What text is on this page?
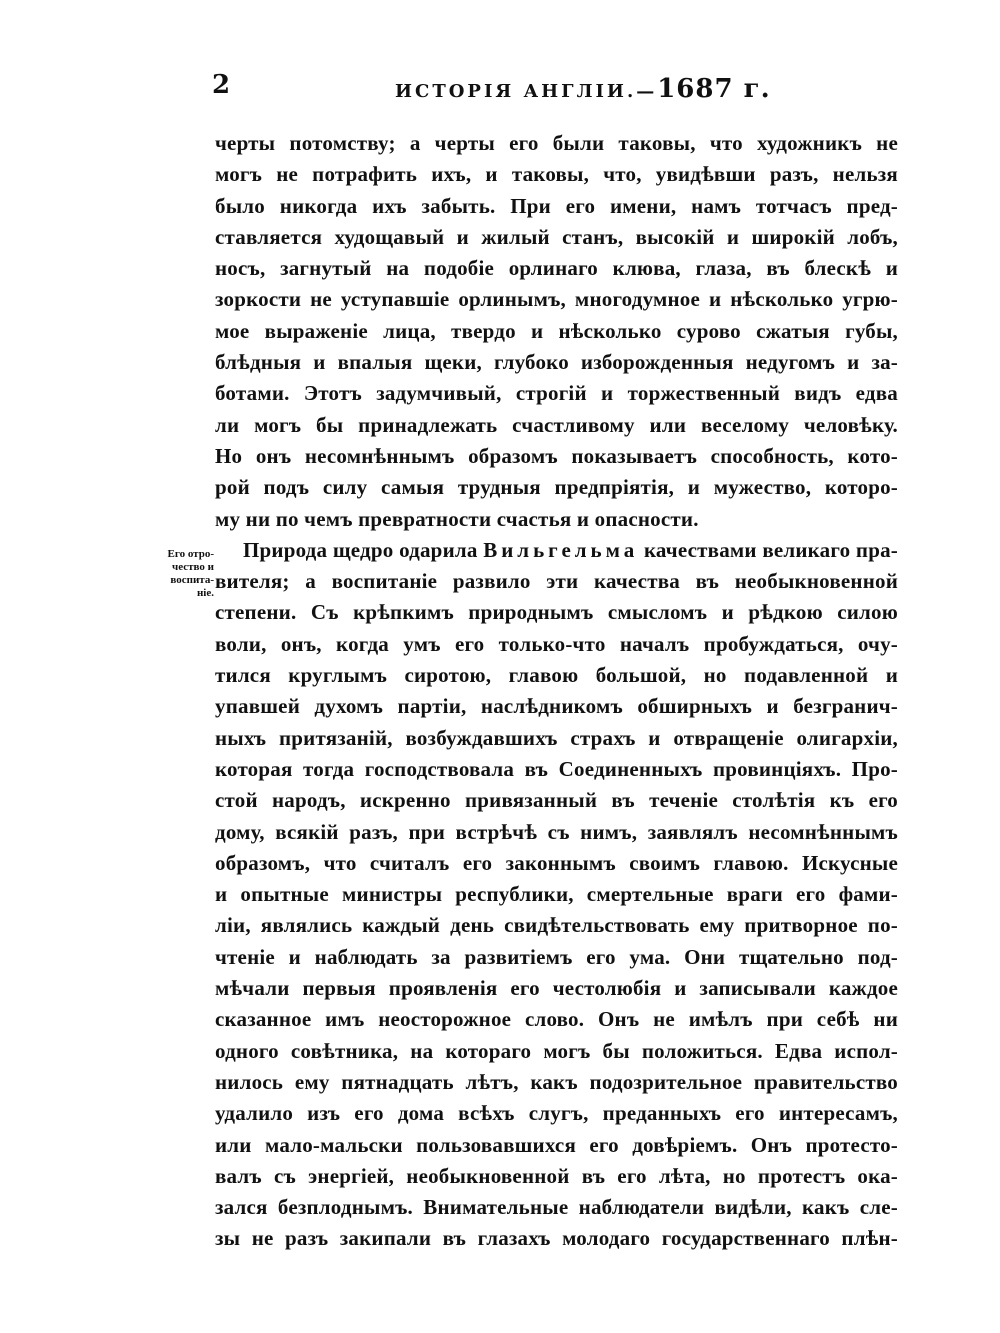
2	ИСТОРІЯ АНГЛІИ.—1687 г.
Его отро-
чество и
воспита-
ніе.
черты потомству; а черты его были таковы, что художникъ не
могъ не потрафить ихъ, и таковы, что, увидѣвши разъ, нельзя
было никогда ихъ забыть. При его имени, намъ тотчасъ пред-
ставляется худощавый и жилый станъ, высокій и широкій лобъ,
носъ, загнутый на подобіе орлинаго клюва, глаза, въ блескѣ и
зоркости не уступавшіе орлинымъ, многодумное и нѣсколько угрю-
мое выраженіе лица, твердо и нѣсколько сурово сжатыя губы,
блѣдныя и впалыя щеки, глубоко изборожденныя недугомъ и за-
ботами. Этотъ задумчивый, строгій и торжественный видъ едва
ли могъ бы принадлежать счастливому или веселому человѣку.
Но онъ несомнѣннымъ образомъ показываетъ способность, кото-
рой подъ силу самыя трудныя предпріятія, и мужество, которо-
му ни по чемъ превратности счастья и опасности.
Природа щедро одарила Вильгельма качествами великаго пра-
вителя; а воспитаніе развило эти качества въ необыкновенной
степени. Съ крѣпкимъ природнымъ смысломъ и рѣдкою силою
воли, онъ, когда умъ его только-что началъ пробуждаться, очу-
тился круглымъ сиротою, главою большой, но подавленной и
упавшей духомъ партіи, наслѣдникомъ обширныхъ и безгранич-
ныхъ притязаній, возбуждавшихъ страхъ и отвращеніе олигархіи,
которая тогда господствовала въ Соединенныхъ провинціяхъ. Про-
стой народъ, искренно привязанный въ теченіе столѣтія къ его
дому, всякій разъ, при встрѣчѣ съ нимъ, заявлялъ несомнѣннымъ
образомъ, что считалъ его законнымъ своимъ главою. Искусные
и опытные министры республики, смертельные враги его фами-
ліи, являлись каждый день свидѣтельствовать ему притворное по-
чтеніе и наблюдать за развитіемъ его ума. Они тщательно под-
мѣчали первыя проявленія его честолюбія и записывали каждое
сказанное имъ неосторожное слово. Онъ не имѣлъ при себѣ ни
одного совѣтника, на котораго могъ бы положиться. Едва испол-
нилось ему пятнадцать лѣтъ, какъ подозрительное правительство
удалило изъ его дома всѣхъ слугъ, преданныхъ его интересамъ,
или мало-мальски пользовавшихся его довѣріемъ. Онъ протесто-
валъ съ энергіей, необыкновенной въ его лѣта, но протестъ ока-
зался безплоднымъ. Внимательные наблюдатели видѣли, какъ сле-
зы не разъ закипали въ глазахъ молодаго государственнаго плѣн-
